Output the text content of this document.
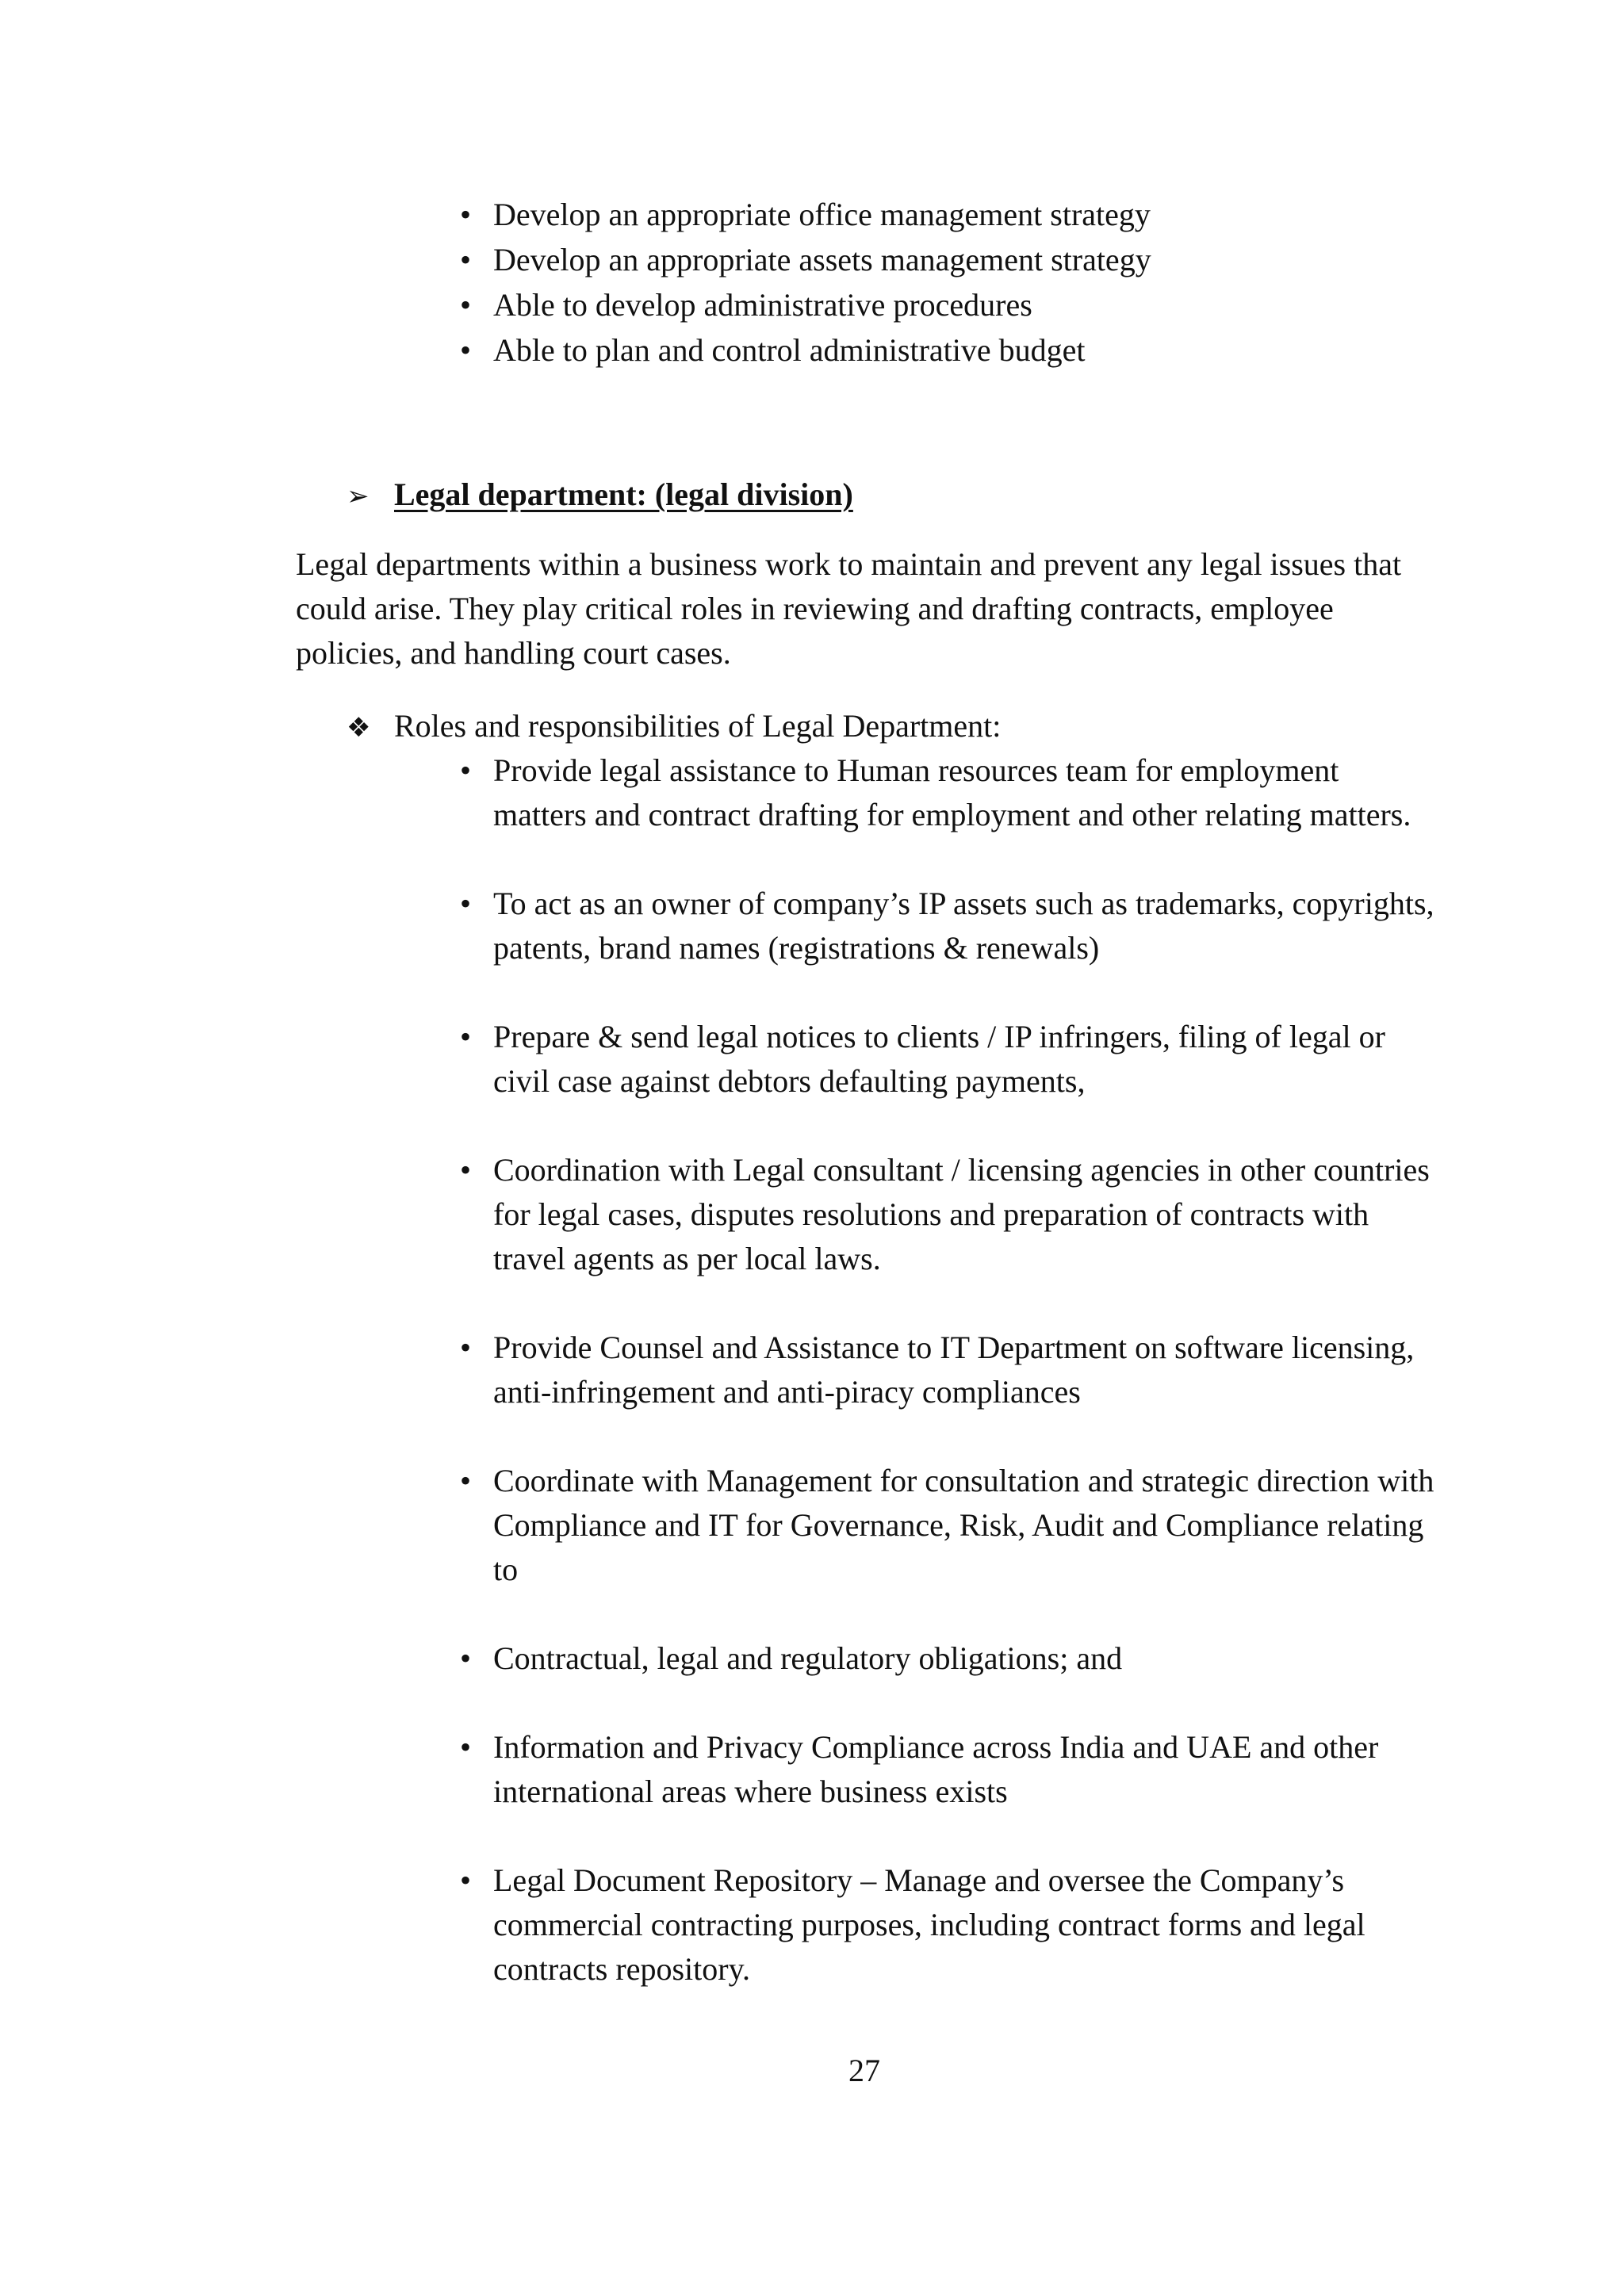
• Develop an appropriate office management strategy
• Develop an appropriate assets management strategy
• Able to develop administrative procedures
• Able to plan and control administrative budget
➢ Legal department: (legal division)

Legal departments within a business work to maintain and prevent any legal issues that could arise. They play critical roles in reviewing and drafting contracts, employee policies, and handling court cases.

❖ Roles and responsibilities of Legal Department:
• Provide legal assistance to Human resources team for employment matters and contract drafting for employment and other relating matters.
• To act as an owner of company’s IP assets such as trademarks, copyrights, patents, brand names (registrations & renewals)
• Prepare & send legal notices to clients / IP infringers, filing of legal or civil case against debtors defaulting payments,
• Coordination with Legal consultant / licensing agencies in other countries for legal cases, disputes resolutions and preparation of contracts with travel agents as per local laws.
• Provide Counsel and Assistance to IT Department on software licensing, anti-infringement and anti-piracy compliances
• Coordinate with Management for consultation and strategic direction with Compliance and IT for Governance, Risk, Audit and Compliance relating to
• Contractual, legal and regulatory obligations; and
• Information and Privacy Compliance across India and UAE and other international areas where business exists
• Legal Document Repository – Manage and oversee the Company’s commercial contracting purposes, including contract forms and legal contracts repository.
27
